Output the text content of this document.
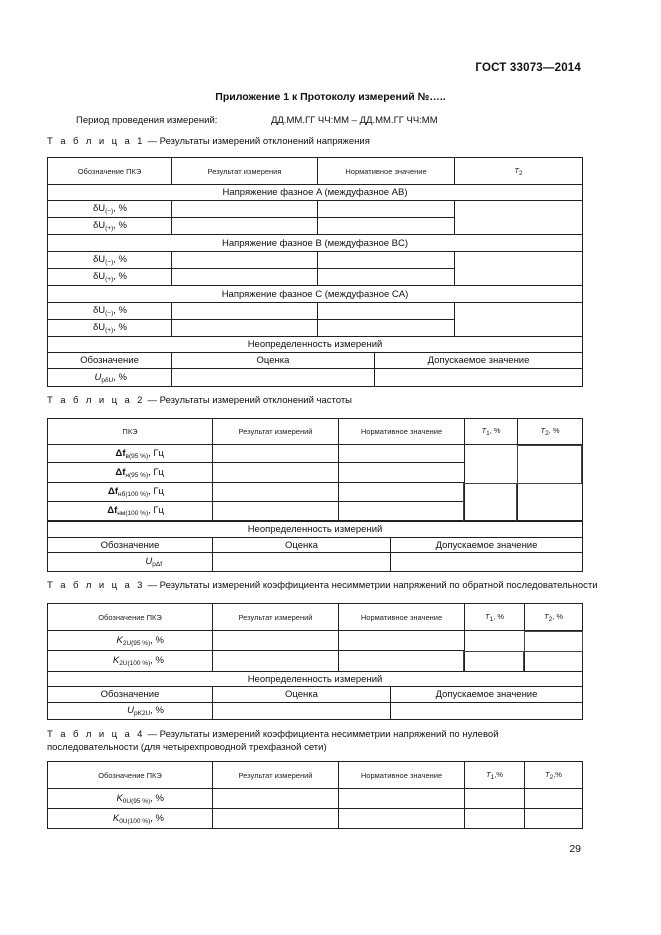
ГОСТ 33073—2014
Приложение 1 к Протоколу измерений №…..
Период проведения измерений:	ДД.ММ.ГГ ЧЧ:ММ – ДД.ММ.ГГ ЧЧ:ММ
Т а б л и ц а 1 — Результаты измерений отклонений напряжения
Обозначение ПКЭ	Результат измерения	Нормативное значение	$T_2$
Напряжение фазное A (междуфазное AB)			
$\delta U_{(-)}$, %			
$\delta U_{(+)}$, %			
Напряжение фазное B (междуфазное BC)			
$\delta U_{(-)}$, %			
$\delta U_{(+)}$, %			
Напряжение фазное C (междуфазное CA)			
$\delta U_{(-)}$, %			
$\delta U_{(+)}$, %			
Неопределенность измерений		
Обозначение	Оценка	Допускаемое значение
$U_{p\delta U}$, %		
Т а б л и ц а 2 — Результаты измерений отклонений частоты
ПКЭ	Результат измерений	Нормативное значение	$T_1$, %	$T_2$, %
$\Delta f_{в(95 \%)}$, Гц				
$\Delta f_{н(95 \%)}$, Гц				
$\Delta f_{нб(100 \%)}$, Гц				
$\Delta f_{нм(100 \%)}$, Гц				
Неопределенность измерений		
Обозначение	Оценка	Допускаемое значение
$U_{p\Delta f}$		
Т а б л и ц а 3 — Результаты измерений коэффициента несимметрии напряжений по обратной последовательности
Обозначение ПКЭ	Результат измерений	Нормативное значение	$T_1$, %	$T_2$, %
$K_{2U(95 \%)}$, %				
$K_{2U(100 \%)}$, %				
Неопределенность измерений		
Обозначение	Оценка	Допускаемое значение
$U_{pK2U}$, %		
Т а б л и ц а 4 — Результаты измерений коэффициента несимметрии напряжений по нулевой последовательности (для четырехпроводной трехфазной сети)
Обозначение ПКЭ	Результат измерений	Нормативное значение	$T_1,\%$	$T_2,\%$
$K_{0U(95 \%)}$, %				
$K_{0U(100 \%)}$, %				
29
